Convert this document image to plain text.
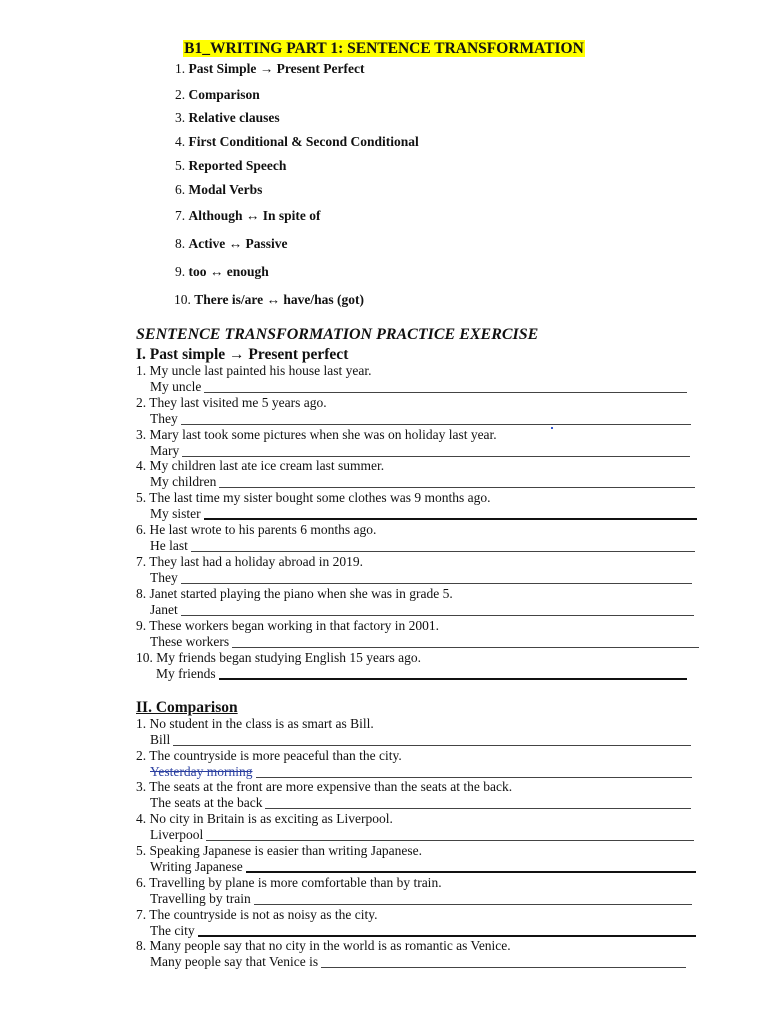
B1_WRITING PART 1: SENTENCE TRANSFORMATION
1. Past Simple → Present Perfect
2. Comparison
3. Relative clauses
4. First Conditional & Second Conditional
5. Reported Speech
6. Modal Verbs
7. Although ↔ In spite of
8. Active ↔ Passive
9. too ↔ enough
10. There is/are ↔ have/has (got)
SENTENCE TRANSFORMATION PRACTICE EXERCISE
I. Past simple → Present perfect
1. My uncle last painted his house last year.
My uncle
2. They last visited me 5 years ago.
They
3. Mary last took some pictures when she was on holiday last year.
Mary
4. My children last ate ice cream last summer.
My children
5. The last time my sister bought some clothes was 9 months ago.
My sister
6. He last wrote to his parents 6 months ago.
He last
7. They last had a holiday abroad in 2019.
They
8. Janet started playing the piano when she was in grade 5.
Janet
9. These workers began working in that factory in 2001.
These workers
10. My friends began studying English 15 years ago.
My friends
II. Comparison
1. No student in the class is as smart as Bill.
Bill
2. The countryside is more peaceful than the city.
Yesterday morning
3. The seats at the front are more expensive than the seats at the back.
The seats at the back
4. No city in Britain is as exciting as Liverpool.
Liverpool
5. Speaking Japanese is easier than writing Japanese.
Writing Japanese
6. Travelling by plane is more comfortable than by train.
Travelling by train
7. The countryside is not as noisy as the city.
The city
8. Many people say that no city in the world is as romantic as Venice.
Many people say that Venice is
